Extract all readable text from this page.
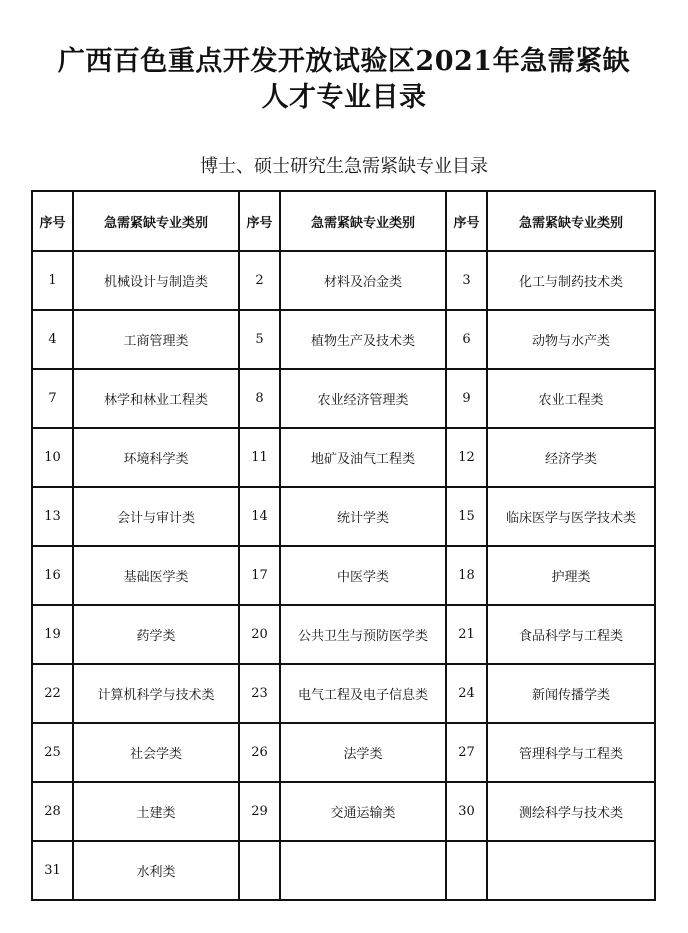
广西百色重点开发开放试验区2021年急需紧缺
人才专业目录
博士、硕士研究生急需紧缺专业目录
序号	急需紧缺专业类别	序号	急需紧缺专业类别	序号	急需紧缺专业类别
1	机械设计与制造类	2	材料及冶金类	3	化工与制药技术类
4	工商管理类	5	植物生产及技术类	6	动物与水产类
7	林学和林业工程类	8	农业经济管理类	9	农业工程类
10	环境科学类	11	地矿及油气工程类	12	经济学类
13	会计与审计类	14	统计学类	15	临床医学与医学技术类
16	基础医学类	17	中医学类	18	护理类
19	药学类	20	公共卫生与预防医学类	21	食品科学与工程类
22	计算机科学与技术类	23	电气工程及电子信息类	24	新闻传播学类
25	社会学类	26	法学类	27	管理科学与工程类
28	土建类	29	交通运输类	30	测绘科学与技术类
31	水利类				
